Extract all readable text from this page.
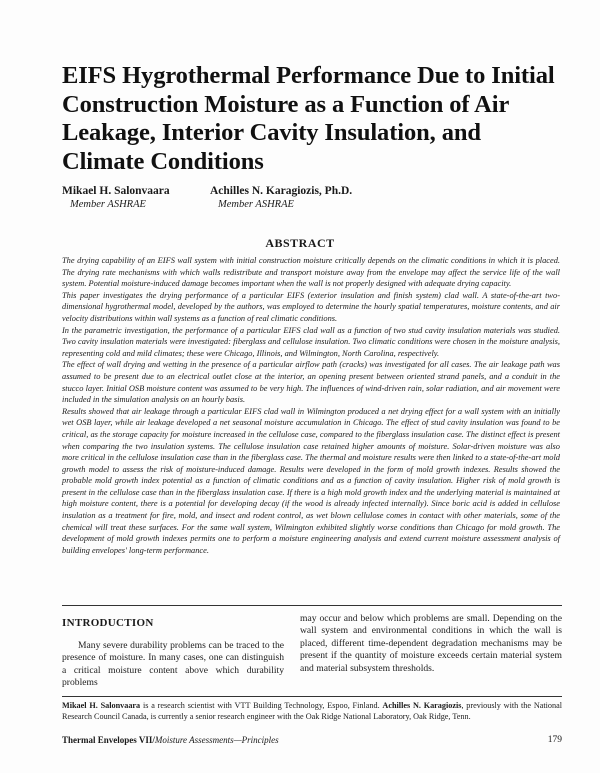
EIFS Hygrothermal Performance Due to Initial Construction Moisture as a Function of Air Leakage, Interior Cavity Insulation, and Climate Conditions
Mikael H. Salonvaara
Member ASHRAE
Achilles N. Karagiozis, Ph.D.
Member ASHRAE
ABSTRACT

The drying capability of an EIFS wall system with initial construction moisture critically depends on the climatic conditions in which it is placed. The drying rate mechanisms with which walls redistribute and transport moisture away from the envelope may affect the service life of the wall system. Potential moisture-induced damage becomes important when the wall is not properly designed with adequate drying capacity.

This paper investigates the drying performance of a particular EIFS (exterior insulation and finish system) clad wall. A state-of-the-art two-dimensional hygrothermal model, developed by the authors, was employed to determine the hourly spatial temperatures, moisture contents, and air velocity distributions within wall systems as a function of real climatic conditions.

In the parametric investigation, the performance of a particular EIFS clad wall as a function of two stud cavity insulation materials was studied. Two cavity insulation materials were investigated: fiberglass and cellulose insulation. Two climatic conditions were chosen in the moisture analysis, representing cold and mild climates; these were Chicago, Illinois, and Wilmington, North Carolina, respectively.

The effect of wall drying and wetting in the presence of a particular airflow path (cracks) was investigated for all cases. The air leakage path was assumed to be present due to an electrical outlet close at the interior, an opening present between oriented strand panels, and a conduit in the stucco layer. Initial OSB moisture content was assumed to be very high. The influences of wind-driven rain, solar radiation, and air movement were included in the simulation analysis on an hourly basis.

Results showed that air leakage through a particular EIFS clad wall in Wilmington produced a net drying effect for a wall system with an initially wet OSB layer, while air leakage developed a net seasonal moisture accumulation in Chicago. The effect of stud cavity insulation was found to be critical, as the storage capacity for moisture increased in the cellulose case, compared to the fiberglass insulation case. The distinct effect is present when comparing the two insulation systems. The cellulose insulation case retained higher amounts of moisture. Solar-driven moisture was also more critical in the cellulose insulation case than in the fiberglass case. The thermal and moisture results were then linked to a state-of-the-art mold growth model to assess the risk of moisture-induced damage. Results were developed in the form of mold growth indexes. Results showed the probable mold growth index potential as a function of climatic conditions and as a function of cavity insulation. Higher risk of mold growth is present in the cellulose case than in the fiberglass insulation case. If there is a high mold growth index and the underlying material is maintained at high moisture content, there is a potential for developing decay (if the wood is already infected internally). Since boric acid is added in cellulose insulation as a treatment for fire, mold, and insect and rodent control, as wet blown cellulose comes in contact with other materials, some of the chemical will treat these surfaces. For the same wall system, Wilmington exhibited slightly worse conditions than Chicago for mold growth. The development of mold growth indexes permits one to perform a moisture engineering analysis and extend current moisture assessment analysis of building envelopes' long-term performance.

INTRODUCTION

Many severe durability problems can be traced to the presence of moisture. In many cases, one can distinguish a critical moisture content above which durability problems

may occur and below which problems are small. Depending on the wall system and environmental conditions in which the wall is placed, different time-dependent degradation mechanisms may be present if the quantity of moisture exceeds certain material system and material subsystem thresholds.

Mikael H. Salonvaara is a research scientist with VTT Building Technology, Espoo, Finland. Achilles N. Karagiozis, previously with the National Research Council Canada, is currently a senior research engineer with the Oak Ridge National Laboratory, Oak Ridge, Tenn.

Thermal Envelopes VII/Moisture Assessments—Principles	179
